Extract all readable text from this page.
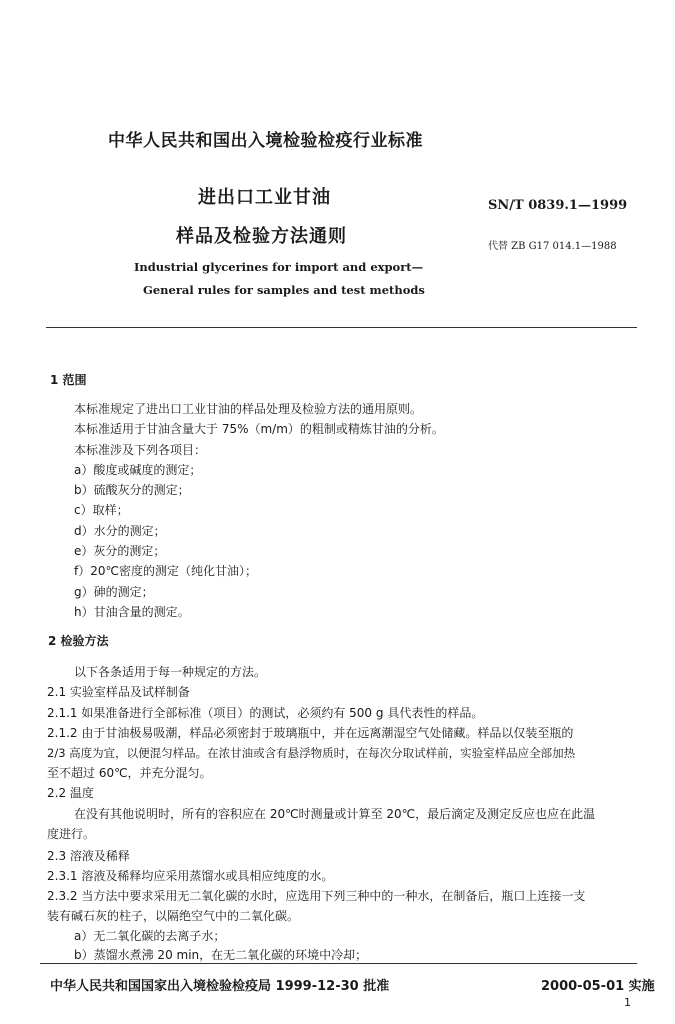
中华人民共和国出入境检验检疫行业标准
进出口工业甘油
样品及检验方法通则
SN/T 0839.1—1999
代替 ZB G17 014.1—1988
Industrial glycerines for import and export—
General rules for samples and test methods
1 范围
本标准规定了进出口工业甘油的样品处理及检验方法的通用原则。
本标准适用于甘油含量大于 75%（m/m）的粗制或精炼甘油的分析。
本标准涉及下列各项目：
a）酸度或碱度的测定；
b）硫酸灰分的测定；
c）取样；
d）水分的测定；
e）灰分的测定；
f）20℃密度的测定（纯化甘油）；
g）砷的测定；
h）甘油含量的测定。
2 检验方法
以下各条适用于每一种规定的方法。
2.1 实验室样品及试样制备
2.1.1 如果准备进行全部标准（项目）的测试，必须约有 500 g 具代表性的样品。
2.1.2 由于甘油极易吸潮，样品必须密封于玻璃瓶中，并在远离潮湿空气处储藏。样品以仅装至瓶的
2/3 高度为宜，以便混匀样品。在浓甘油或含有悬浮物质时，在每次分取试样前，实验室样品应全部加热
至不超过 60℃，并充分混匀。
2.2 温度
在没有其他说明时，所有的容积应在 20℃时测量或计算至 20℃，最后滴定及测定反应也应在此温
度进行。
2.3 溶液及稀释
2.3.1 溶液及稀释均应采用蒸馏水或具相应纯度的水。
2.3.2 当方法中要求采用无二氧化碳的水时，应选用下列三种中的一种水，在制备后，瓶口上连接一支
装有碱石灰的柱子，以隔绝空气中的二氧化碳。
a）无二氧化碳的去离子水；
b）蒸馏水煮沸 20 min，在无二氧化碳的环境中冷却；
中华人民共和国国家出入境检验检疫局 1999-12-30 批准	2000-05-01 实施
1
